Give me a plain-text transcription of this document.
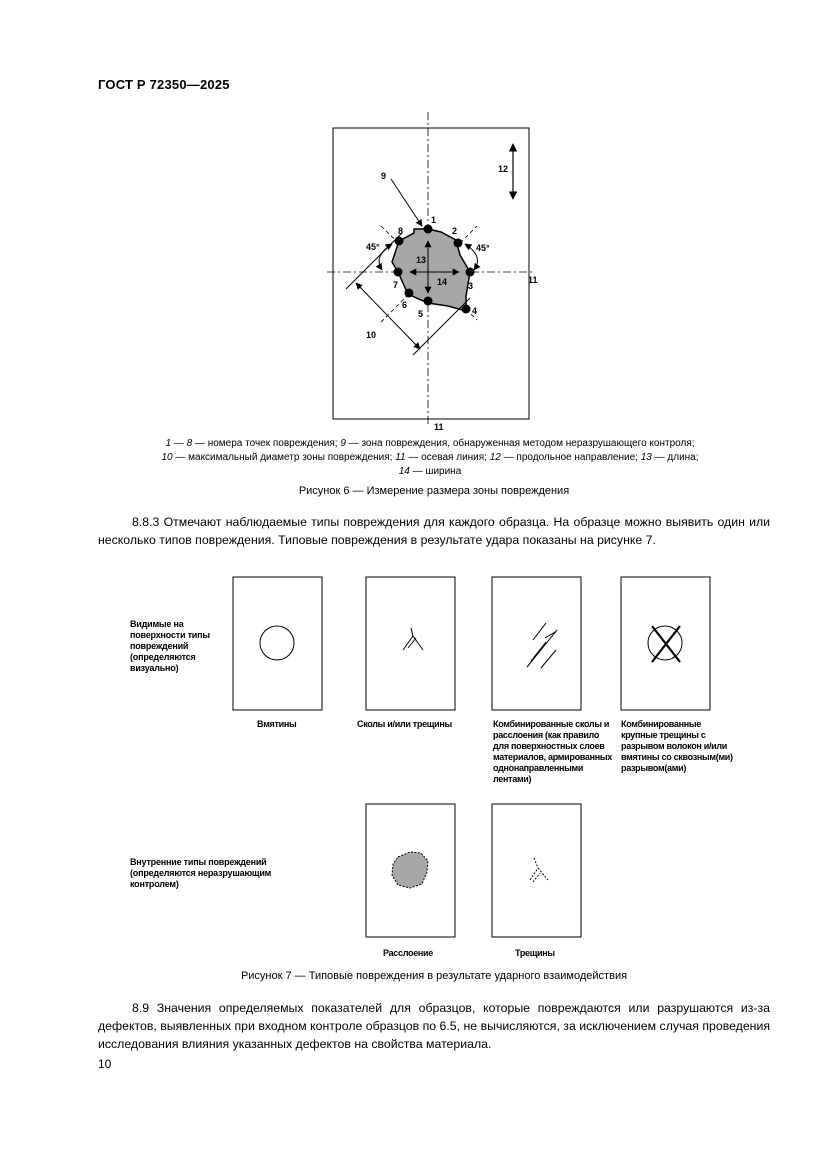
ГОСТ Р 72350—2025
1
2
3
4
5
6
7
8
9
10
11
11
12
13
14
45°	45°
1 — 8 — номера точек повреждения; 9 — зона повреждения, обнаруженная методом неразрушающего контроля;
10 — максимальный диаметр зоны повреждения; 11 — осевая линия; 12 — продольное направление; 13 — длина;
14 — ширина
Рисунок 6 — Измерение размера зоны повреждения
8.8.3 Отмечают наблюдаемые типы повреждения для каждого образца. На образце можно выявить один или несколько типов повреждения. Типовые повреждения в результате удара показаны на рисунке 7.
Видимые на поверхности типы повреждений (определяются визуально)
Внутренние типы повреждений (определяются неразрушающим контролем)
Вмятины	Сколы и/или трещины	Комбинированные сколы и расслоения (как правило для поверхностных слоев материалов, армированных однонаправленными лентами)
Комбинированные крупные трещины с разрывом волокон и/или вмятины со сквозным(ми) разрывом(ами)
Расслоение	Трещины
Рисунок 7 — Типовые повреждения в результате ударного взаимодействия
8.9 Значения определяемых показателей для образцов, которые повреждаются или разрушаются из-за дефектов, выявленных при входном контроле образцов по 6.5, не вычисляются, за исключением случая проведения исследования влияния указанных дефектов на свойства материала.
10
